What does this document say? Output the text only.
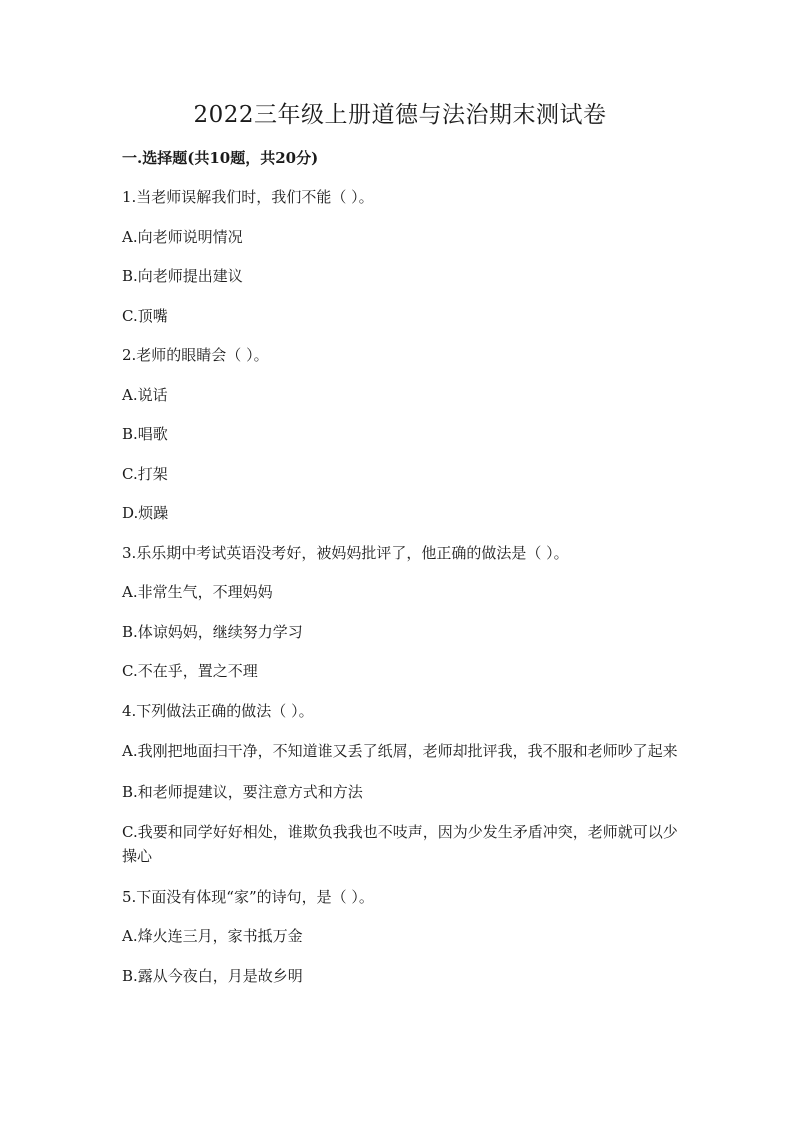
2022三年级上册道德与法治期末测试卷
一.选择题(共10题，共20分)

1.当老师误解我们时，我们不能（ ）。

A.向老师说明情况

B.向老师提出建议

C.顶嘴

2.老师的眼睛会（ ）。

A.说话

B.唱歌

C.打架

D.烦躁

3.乐乐期中考试英语没考好，被妈妈批评了，他正确的做法是（ ）。

A.非常生气，不理妈妈

B.体谅妈妈，继续努力学习

C.不在乎，置之不理

4.下列做法正确的做法（ ）。

A.我刚把地面扫干净，不知道谁又丢了纸屑，老师却批评我，我不服和老师吵了起来

B.和老师提建议，要注意方式和方法

C.我要和同学好好相处，谁欺负我我也不吱声，因为少发生矛盾冲突，老师就可以少操心

5.下面没有体现“家”的诗句，是（ ）。

A.烽火连三月，家书抵万金

B.露从今夜白，月是故乡明
